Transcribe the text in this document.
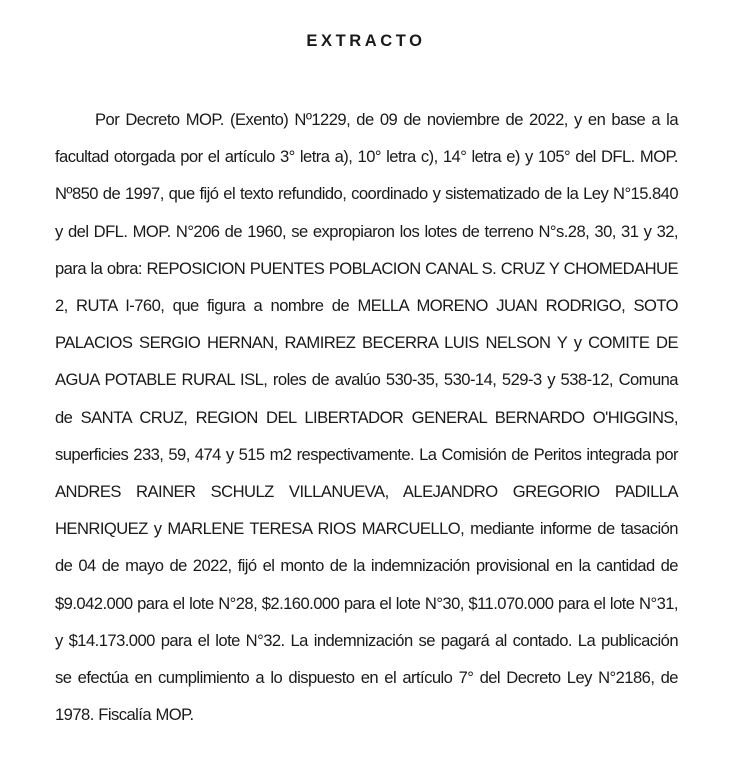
EXTRACTO

Por Decreto MOP. (Exento) Nº1229, de 09 de noviembre de 2022, y en base a la facultad otorgada por el artículo 3° letra a), 10° letra c), 14° letra e) y 105° del DFL. MOP. Nº850 de 1997, que fijó el texto refundido, coordinado y sistematizado de la Ley N°15.840 y del DFL. MOP. N°206 de 1960, se expropiaron los lotes de terreno N°s.28, 30, 31 y 32, para la obra: REPOSICION PUENTES POBLACION CANAL S. CRUZ Y CHOMEDAHUE 2, RUTA I-760, que figura a nombre de MELLA MORENO JUAN RODRIGO, SOTO PALACIOS SERGIO HERNAN, RAMIREZ BECERRA LUIS NELSON Y y COMITE DE AGUA POTABLE RURAL ISL, roles de avalúo 530-35, 530-14, 529-3 y 538-12, Comuna de SANTA CRUZ, REGION DEL LIBERTADOR GENERAL BERNARDO O'HIGGINS, superficies 233, 59, 474 y 515 m2 respectivamente. La Comisión de Peritos integrada por ANDRES RAINER SCHULZ VILLANUEVA, ALEJANDRO GREGORIO PADILLA HENRIQUEZ y MARLENE TERESA RIOS MARCUELLO, mediante informe de tasación de 04 de mayo de 2022, fijó el monto de la indemnización provisional en la cantidad de $9.042.000 para el lote N°28, $2.160.000 para el lote N°30, $11.070.000 para el lote N°31, y $14.173.000 para el lote N°32. La indemnización se pagará al contado. La publicación se efectúa en cumplimiento a lo dispuesto en el artículo 7° del Decreto Ley N°2186, de 1978. Fiscalía MOP.
